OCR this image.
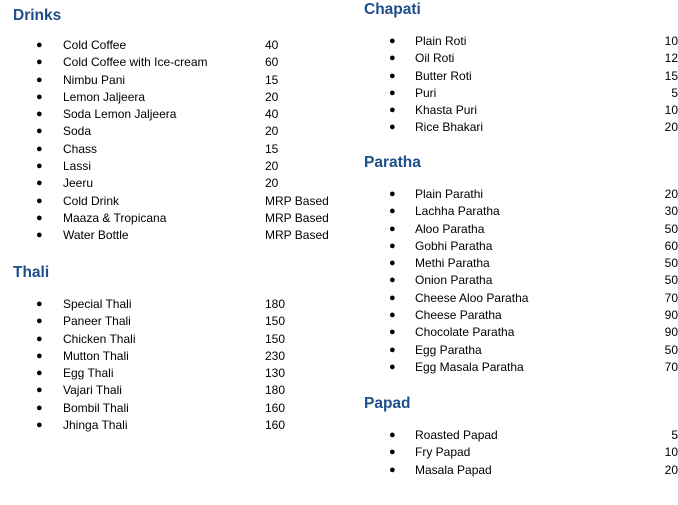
Drinks
● Cold Coffee	40
● Cold Coffee with Ice-cream	60
● Nimbu Pani	15
● Lemon Jaljeera	20
● Soda Lemon Jaljeera	40
● Soda	20
● Chass	15
● Lassi	20
● Jeeru	20
● Cold Drink	MRP Based
● Maaza & Tropicana	MRP Based
● Water Bottle	MRP Based
Thali
● Special Thali	180
● Paneer Thali	150
● Chicken Thali	150
● Mutton Thali	230
● Egg Thali	130
● Vajari Thali	180
● Bombil Thali	160
● Jhinga Thali	160
Chapati
● Plain Roti	10
● Oil Roti	12
● Butter Roti	15
● Puri	5
● Khasta Puri	10
● Rice Bhakari	20
Paratha
● Plain Parathi	20
● Lachha Paratha	30
● Aloo Paratha	50
● Gobhi Paratha	60
● Methi Paratha	50
● Onion Paratha	50
● Cheese Aloo Paratha	70
● Cheese Paratha	90
● Chocolate Paratha	90
● Egg Paratha	50
● Egg Masala Paratha	70
Papad
● Roasted Papad	5
● Fry Papad	10
● Masala Papad	20
